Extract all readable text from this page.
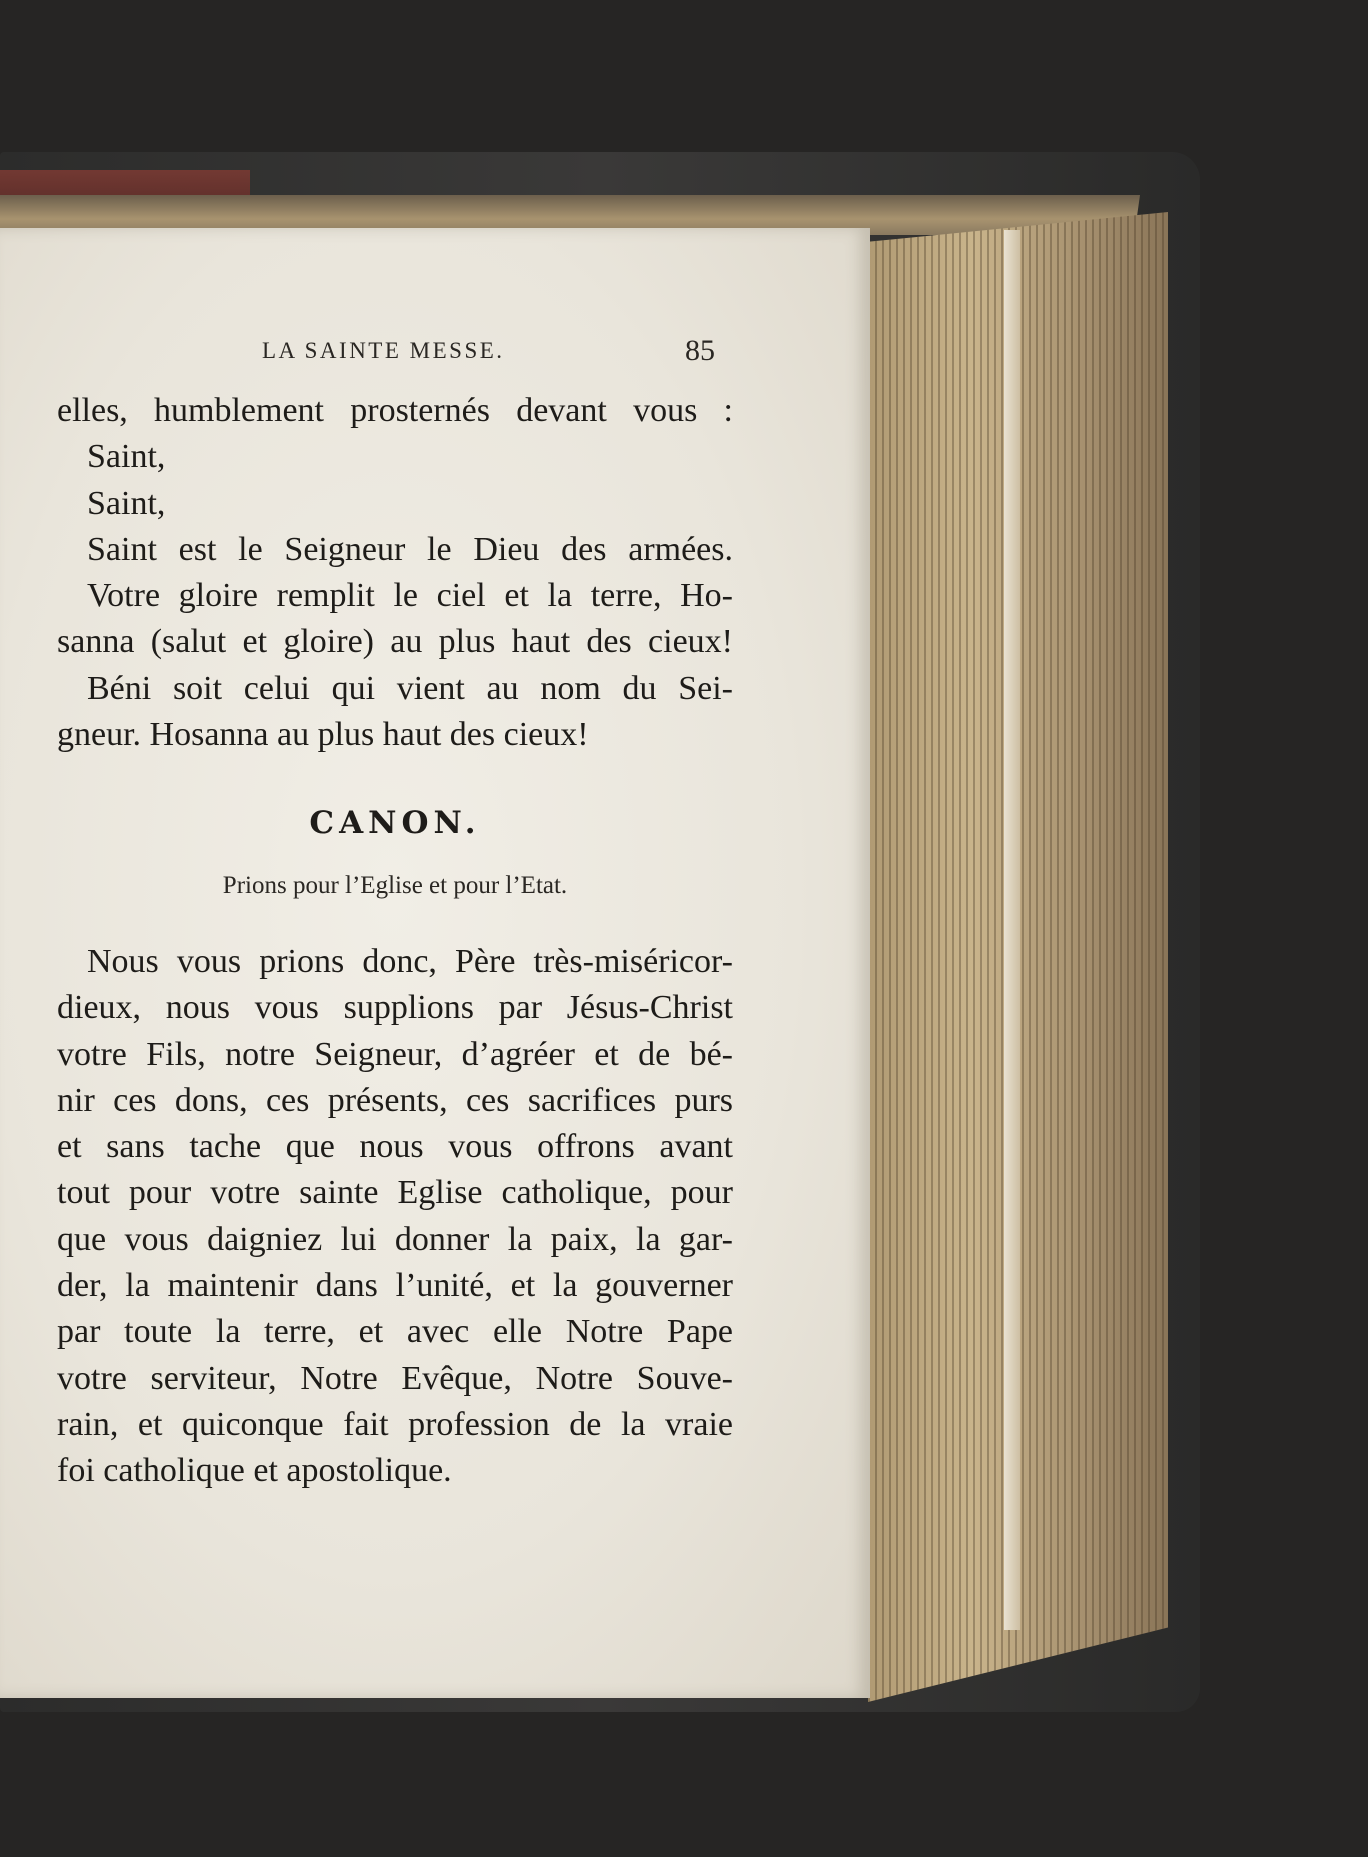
LA SAINTE MESSE.	85
elles, humblement prosternés devant vous :
Saint,
Saint,
Saint est le Seigneur le Dieu des armées.
Votre gloire remplit le ciel et la terre, Ho-
sanna (salut et gloire) au plus haut des cieux!
Béni soit celui qui vient au nom du Sei-
gneur. Hosanna au plus haut des cieux!
CANON.
Prions pour l’Eglise et pour l’Etat.
Nous vous prions donc, Père très-miséricor-
dieux, nous vous supplions par Jésus-Christ
votre Fils, notre Seigneur, d’agréer et de bé-
nir ces dons, ces présents, ces sacrifices purs
et sans tache que nous vous offrons avant
tout pour votre sainte Eglise catholique, pour
que vous daigniez lui donner la paix, la gar-
der, la maintenir dans l’unité, et la gouverner
par toute la terre, et avec elle Notre Pape
votre serviteur, Notre Evêque, Notre Souve-
rain, et quiconque fait profession de la vraie
foi catholique et apostolique.
